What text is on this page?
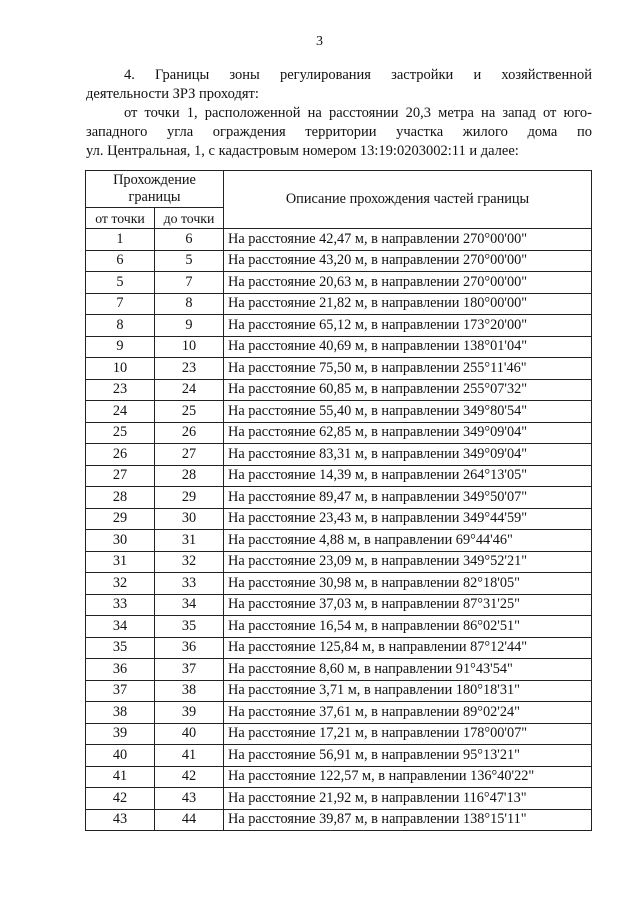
3
4. Границы зоны регулирования застройки и хозяйственной
деятельности ЗРЗ проходят:
от точки 1, расположенной на расстоянии 20,3 метра на запад от юго-
западного угла ограждения территории участка жилого дома по
ул. Центральная, 1, с кадастровым номером 13:19:0203002:11 и далее:
Прохождение границы		Описание прохождения частей границы
от точки	до точки	
1	6	На расстояние 42,47 м, в направлении 270°00'00"
6	5	На расстояние 43,20 м, в направлении 270°00'00"
5	7	На расстояние 20,63 м, в направлении 270°00'00"
7	8	На расстояние 21,82 м, в направлении 180°00'00"
8	9	На расстояние 65,12 м, в направлении 173°20'00"
9	10	На расстояние 40,69 м, в направлении 138°01'04"
10	23	На расстояние 75,50 м, в направлении 255°11'46"
23	24	На расстояние 60,85 м, в направлении 255°07'32"
24	25	На расстояние 55,40 м, в направлении 349°80'54"
25	26	На расстояние 62,85 м, в направлении 349°09'04"
26	27	На расстояние 83,31 м, в направлении 349°09'04"
27	28	На расстояние 14,39 м, в направлении 264°13'05"
28	29	На расстояние 89,47 м, в направлении 349°50'07"
29	30	На расстояние 23,43 м, в направлении 349°44'59"
30	31	На расстояние 4,88 м, в направлении 69°44'46"
31	32	На расстояние 23,09 м, в направлении 349°52'21"
32	33	На расстояние 30,98 м, в направлении 82°18'05"
33	34	На расстояние 37,03 м, в направлении 87°31'25"
34	35	На расстояние 16,54 м, в направлении 86°02'51"
35	36	На расстояние 125,84 м, в направлении 87°12'44"
36	37	На расстояние 8,60 м, в направлении 91°43'54"
37	38	На расстояние 3,71 м, в направлении 180°18'31"
38	39	На расстояние 37,61 м, в направлении 89°02'24"
39	40	На расстояние 17,21 м, в направлении 178°00'07"
40	41	На расстояние 56,91 м, в направлении 95°13'21"
41	42	На расстояние 122,57 м, в направлении 136°40'22"
42	43	На расстояние 21,92 м, в направлении 116°47'13"
43	44	На расстояние 39,87 м, в направлении 138°15'11"
